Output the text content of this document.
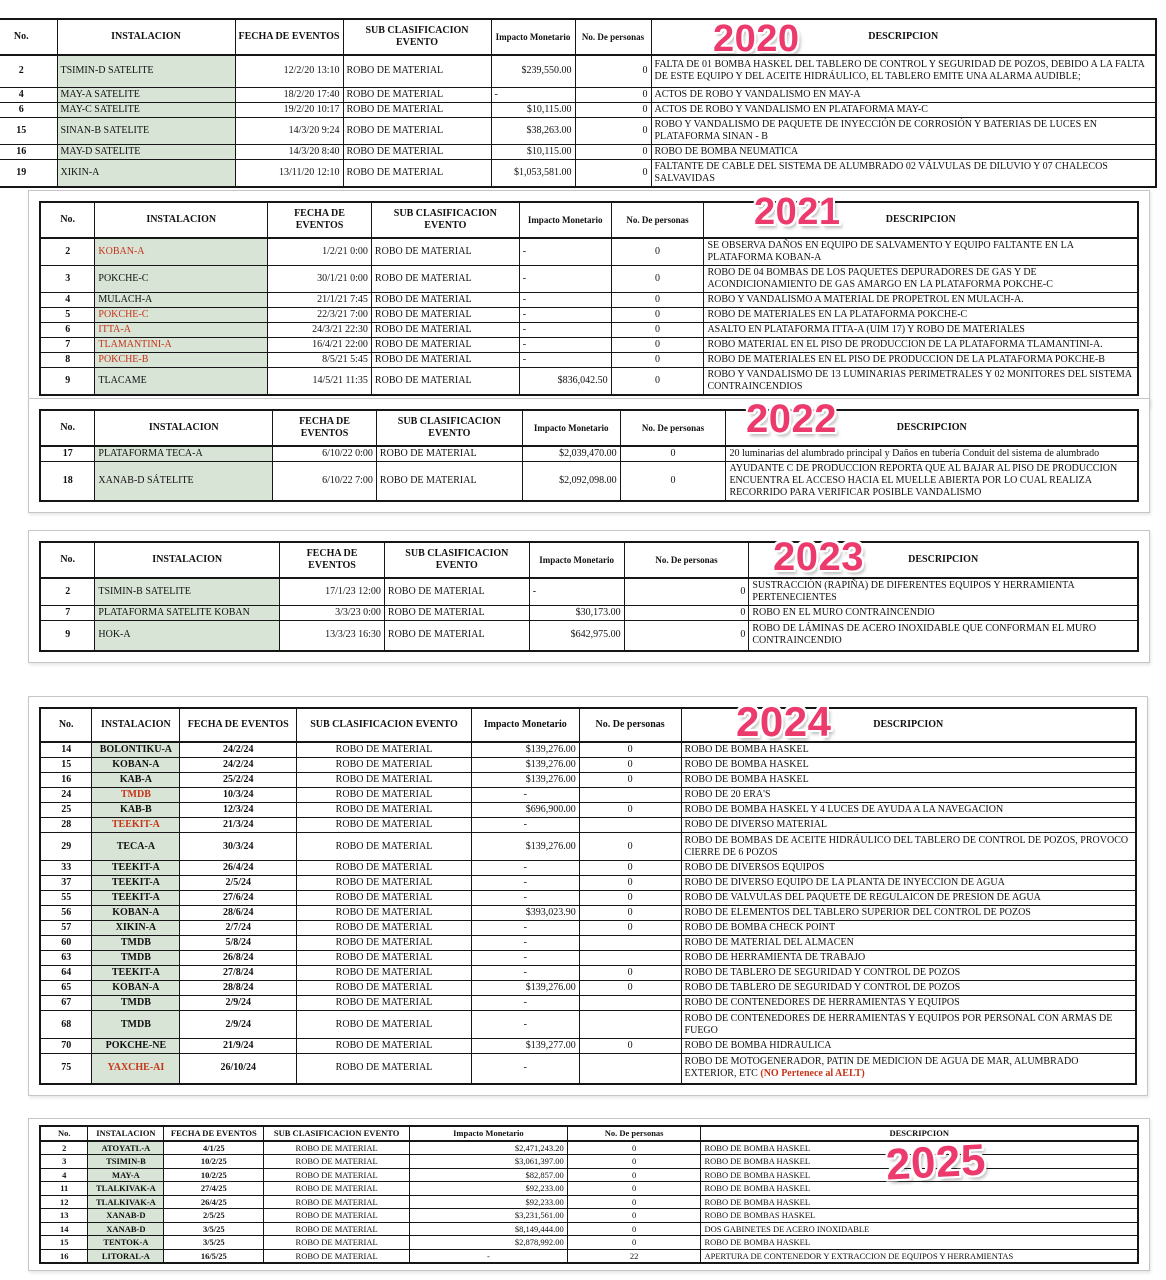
2020
No.	INSTALACION	FECHA DE EVENTOS	SUB CLASIFICACION EVENTO	Impacto Monetario	No. De personas	DESCRIPCION
2	TSIMIN-D SATELITE	12/2/20 13:10	ROBO DE MATERIAL	$239,550.00	0	FALTA DE 01 BOMBA HASKEL DEL TABLERO DE CONTROL Y SEGURIDAD DE POZOS, DEBIDO A LA FALTA DE ESTE EQUIPO Y DEL ACEITE HIDRÁULICO, EL TABLERO EMITE UNA ALARMA AUDIBLE;
4	MAY-A SATELITE	18/2/20 17:40	ROBO DE MATERIAL	-	0	ACTOS DE ROBO Y VANDALISMO EN MAY-A
6	MAY-C SATELITE	19/2/20 10:17	ROBO DE MATERIAL	$10,115.00	0	ACTOS DE ROBO Y VANDALISMO EN PLATAFORMA MAY-C
15	SINAN-B SATELITE	14/3/20 9:24	ROBO DE MATERIAL	$38,263.00	0	ROBO Y VANDALISMO DE PAQUETE DE INYECCIÓN DE CORROSIÓN Y BATERIAS DE LUCES EN PLATAFORMA SINAN - B
16	MAY-D SATELITE	14/3/20 8:40	ROBO DE MATERIAL	$10,115.00	0	ROBO DE BOMBA NEUMATICA
19	XIKIN-A	13/11/20 12:10	ROBO DE MATERIAL	$1,053,581.00	0	FALTANTE DE CABLE DEL SISTEMA DE ALUMBRADO 02 VÁLVULAS DE DILUVIO Y 07 CHALECOS SALVAVIDAS
2021
No.	INSTALACION	FECHA DE EVENTOS	SUB CLASIFICACION EVENTO	Impacto Monetario	No. De personas	DESCRIPCION
2	KOBAN-A	1/2/21 0:00	ROBO DE MATERIAL	-	0	SE OBSERVA DAÑOS EN EQUIPO DE SALVAMENTO Y EQUIPO FALTANTE EN LA PLATAFORMA KOBAN-A
3	POKCHE-C	30/1/21 0:00	ROBO DE MATERIAL	-	0	ROBO DE 04 BOMBAS DE LOS PAQUETES DEPURADORES DE GAS Y DE ACONDICIONAMIENTO DE GAS AMARGO EN LA PLATAFORMA POKCHE-C
4	MULACH-A	21/1/21 7:45	ROBO DE MATERIAL	-	0	ROBO Y VANDALISMO A MATERIAL DE PROPETROL EN MULACH-A.
5	POKCHE-C	22/3/21 7:00	ROBO DE MATERIAL	-	0	ROBO DE MATERIALES EN LA PLATAFORMA POKCHE-C
6	ITTA-A	24/3/21 22:30	ROBO DE MATERIAL	-	0	ASALTO EN PLATAFORMA ITTA-A (UIM 17) Y ROBO DE MATERIALES
7	TLAMANTINI-A	16/4/21 22:00	ROBO DE MATERIAL	-	0	ROBO MATERIAL EN EL PISO DE PRODUCCION DE LA PLATAFORMA TLAMANTINI-A.
8	POKCHE-B	8/5/21 5:45	ROBO DE MATERIAL	-	0	ROBO DE MATERIALES EN EL PISO DE PRODUCCION DE LA PLATAFORMA POKCHE-B
9	TLACAME	14/5/21 11:35	ROBO DE MATERIAL	$836,042.50	0	ROBO Y VANDALISMO DE 13 LUMINARIAS PERIMETRALES Y 02 MONITORES DEL SISTEMA CONTRAINCENDIOS
2022
No.	INSTALACION	FECHA DE EVENTOS	SUB CLASIFICACION EVENTO	Impacto Monetario	No. De personas	DESCRIPCION
17	PLATAFORMA TECA-A	6/10/22 0:00	ROBO DE MATERIAL	$2,039,470.00	0	20 luminarias del alumbrado principal y Daños en tubería Conduit del sistema de alumbrado
18	XANAB-D SÁTELITE	6/10/22 7:00	ROBO DE MATERIAL	$2,092,098.00	0	AYUDANTE C DE PRODUCCION REPORTA QUE AL BAJAR AL PISO DE PRODUCCION ENCUENTRA EL ACCESO HACIA EL MUELLE ABIERTA POR LO CUAL REALIZA RECORRIDO PARA VERIFICAR POSIBLE VANDALISMO
2023
No.	INSTALACION	FECHA DE EVENTOS	SUB CLASIFICACION EVENTO	Impacto Monetario	No. De personas	DESCRIPCION
2	TSIMIN-B SATELITE	17/1/23 12:00	ROBO DE MATERIAL	-	0	SUSTRACCIÒN (RAPIÑA) DE DIFERENTES EQUIPOS Y HERRAMIENTA PERTENECIENTES
7	PLATAFORMA SATELITE KOBAN	3/3/23 0:00	ROBO DE MATERIAL	$30,173.00	0	ROBO EN EL MURO CONTRAINCENDIO
9	HOK-A	13/3/23 16:30	ROBO DE MATERIAL	$642,975.00	0	ROBO DE LÁMINAS DE ACERO INOXIDABLE QUE CONFORMAN EL MURO CONTRAINCENDIO
2024
No.	INSTALACION	FECHA DE EVENTOS	SUB CLASIFICACION EVENTO	Impacto Monetario	No. De personas	DESCRIPCION
14	BOLONTIKU-A	24/2/24	ROBO DE MATERIAL	$139,276.00	0	ROBO DE BOMBA HASKEL
15	KOBAN-A	24/2/24	ROBO DE MATERIAL	$139,276.00	0	ROBO DE BOMBA HASKEL
16	KAB-A	25/2/24	ROBO DE MATERIAL	$139,276.00	0	ROBO DE BOMBA HASKEL
24	TMDB	10/3/24	ROBO DE MATERIAL	-		ROBO DE 20 ERA'S
25	KAB-B	12/3/24	ROBO DE MATERIAL	$696,900.00	0	ROBO DE BOMBA HASKEL Y 4 LUCES DE AYUDA A LA NAVEGACION
28	TEEKIT-A	21/3/24	ROBO DE MATERIAL	-		ROBO DE DIVERSO MATERIAL
29	TECA-A	30/3/24	ROBO DE MATERIAL	$139,276.00	0	ROBO DE BOMBAS DE ACEITE HIDRÁULICO DEL TABLERO DE CONTROL DE POZOS, PROVOCO CIERRE DE 6 POZOS
33	TEEKIT-A	26/4/24	ROBO DE MATERIAL	-	0	ROBO DE DIVERSOS EQUIPOS
37	TEEKIT-A	2/5/24	ROBO DE MATERIAL	-	0	ROBO DE DIVERSO EQUIPO DE LA PLANTA DE INYECCION DE AGUA
55	TEEKIT-A	27/6/24	ROBO DE MATERIAL	-	0	ROBO DE VALVULAS DEL PAQUETE DE REGULAICON DE PRESION DE AGUA
56	KOBAN-A	28/6/24	ROBO DE MATERIAL	$393,023.90	0	ROBO DE ELEMENTOS DEL TABLERO SUPERIOR DEL CONTROL DE POZOS
57	XIKIN-A	2/7/24	ROBO DE MATERIAL	-	0	ROBO DE BOMBA CHECK POINT
60	TMDB	5/8/24	ROBO DE MATERIAL	-		ROBO DE MATERIAL DEL ALMACEN
63	TMDB	26/8/24	ROBO DE MATERIAL	-		ROBO DE HERRAMIENTA DE TRABAJO
64	TEEKIT-A	27/8/24	ROBO DE MATERIAL	-	0	ROBO DE TABLERO DE SEGURIDAD Y CONTROL DE POZOS
65	KOBAN-A	28/8/24	ROBO DE MATERIAL	$139,276.00	0	ROBO DE TABLERO DE SEGURIDAD Y CONTROL DE POZOS
67	TMDB	2/9/24	ROBO DE MATERIAL	-		ROBO DE CONTENEDORES DE HERRAMIENTAS Y EQUIPOS
68	TMDB	2/9/24	ROBO DE MATERIAL	-		ROBO DE CONTENEDORES DE HERRAMIENTAS Y EQUIPOS POR PERSONAL CON ARMAS DE FUEGO
70	POKCHE-NE	21/9/24	ROBO DE MATERIAL	$139,277.00	0	ROBO DE BOMBA HIDRAULICA
75	YAXCHE-AI	26/10/24	ROBO DE MATERIAL	-		ROBO DE MOTOGENERADOR, PATIN DE MEDICION DE AGUA DE MAR, ALUMBRADO EXTERIOR, ETC (NO Pertenece al AELT)
2025
No.	INSTALACION	FECHA DE EVENTOS	SUB CLASIFICACION EVENTO	Impacto Monetario	No. De personas	DESCRIPCION
2	ATOYATL-A	4/1/25	ROBO DE MATERIAL	$2,471,243.20	0	ROBO DE BOMBA HASKEL
3	TSIMIN-B	10/2/25	ROBO DE MATERIAL	$3,061,397.00	0	ROBO DE BOMBA HASKEL
4	MAY-A	10/2/25	ROBO DE MATERIAL	$82,857.00	0	ROBO DE BOMBA HASKEL
11	TLALKIVAK-A	27/4/25	ROBO DE MATERIAL	$92,233.00	0	ROBO DE BOMBA HASKEL
12	TLALKIVAK-A	26/4/25	ROBO DE MATERIAL	$92,233.00	0	ROBO DE BOMBA HASKEL
13	XANAB-D	2/5/25	ROBO DE MATERIAL	$3,231,561.00	0	ROBO DE BOMBAS HASKEL
14	XANAB-D	3/5/25	ROBO DE MATERIAL	$8,149,444.00	0	DOS GABINETES DE ACERO INOXIDABLE
15	TENTOK-A	3/5/25	ROBO DE MATERIAL	$2,878,992.00	0	ROBO DE BOMBA HASKEL
16	LITORAL-A	16/5/25	ROBO DE MATERIAL	-	22	APERTURA DE CONTENEDOR Y EXTRACCION DE EQUIPOS Y HERRAMIENTAS
